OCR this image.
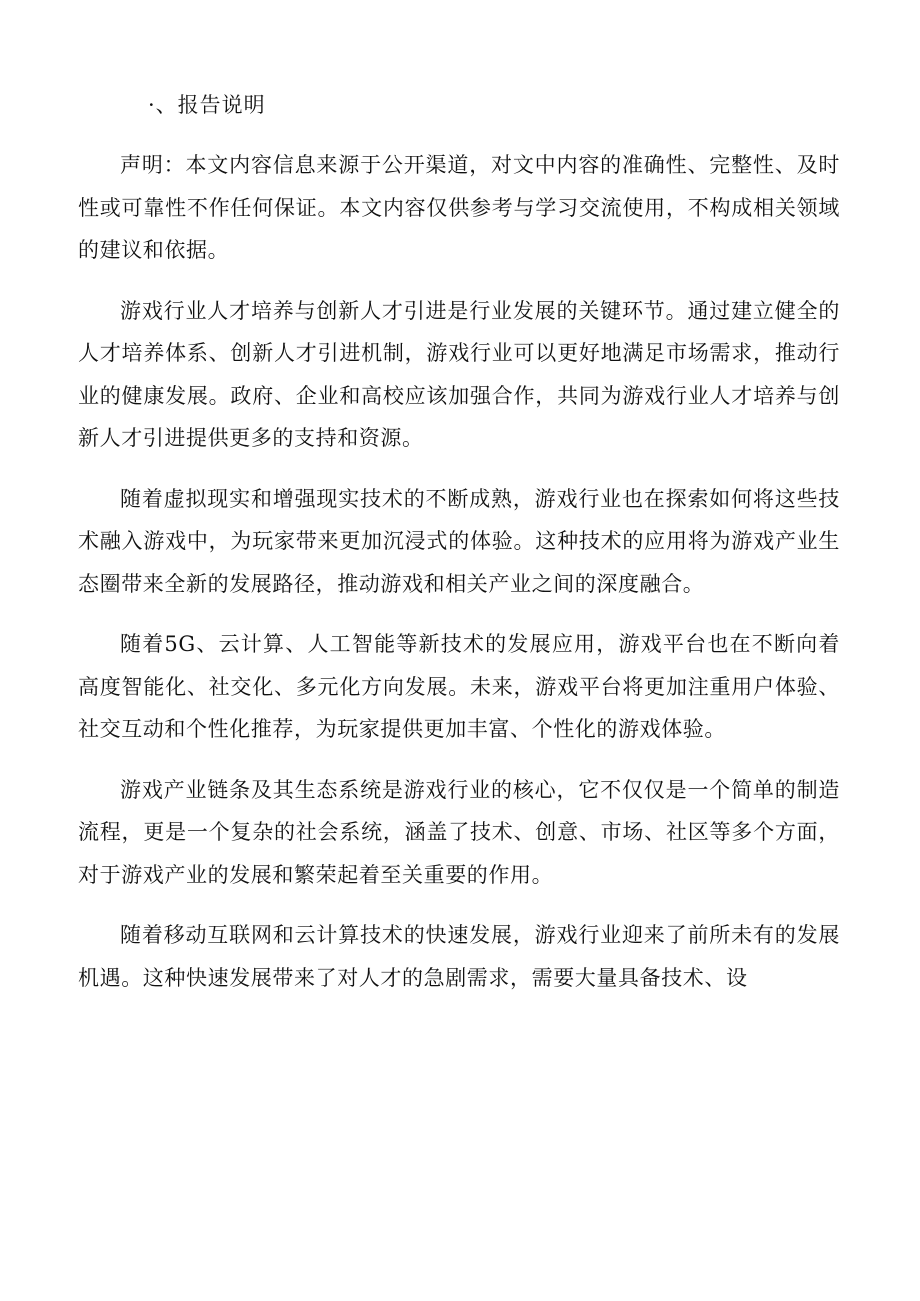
·、报告说明

声明：本文内容信息来源于公开渠道，对文中内容的准确性、完整性、及时性或可靠性不作任何保证。本文内容仅供参考与学习交流使用，不构成相关领域的建议和依据。

游戏行业人才培养与创新人才引进是行业发展的关键环节。通过建立健全的人才培养体系、创新人才引进机制，游戏行业可以更好地满足市场需求，推动行业的健康发展。政府、企业和高校应该加强合作，共同为游戏行业人才培养与创新人才引进提供更多的支持和资源。

随着虚拟现实和增强现实技术的不断成熟，游戏行业也在探索如何将这些技术融入游戏中，为玩家带来更加沉浸式的体验。这种技术的应用将为游戏产业生态圈带来全新的发展路径，推动游戏和相关产业之间的深度融合。

随着5G、云计算、人工智能等新技术的发展应用，游戏平台也在不断向着高度智能化、社交化、多元化方向发展。未来，游戏平台将更加注重用户体验、社交互动和个性化推荐，为玩家提供更加丰富、个性化的游戏体验。

游戏产业链条及其生态系统是游戏行业的核心，它不仅仅是一个简单的制造流程，更是一个复杂的社会系统，涵盖了技术、创意、市场、社区等多个方面，对于游戏产业的发展和繁荣起着至关重要的作用。

随着移动互联网和云计算技术的快速发展，游戏行业迎来了前所未有的发展机遇。这种快速发展带来了对人才的急剧需求，需要大量具备技术、设
